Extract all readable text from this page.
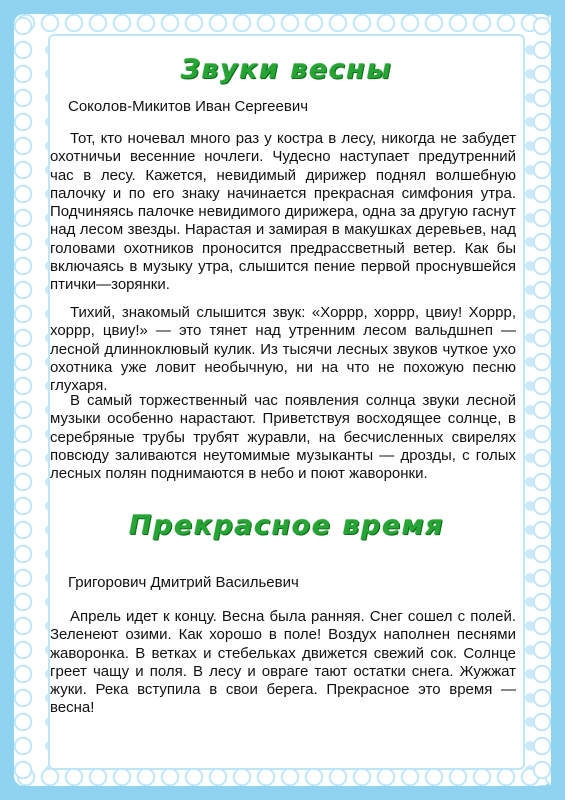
Звуки весны
Соколов-Микитов Иван Сергеевич

Тот, кто ночевал много раз у костра в лесу, никогда не забудет охотничьи весенние ночлеги. Чудесно наступает предутренний час в лесу. Кажется, невидимый дирижер поднял волшебную палочку и по его знаку начинается прекрасная симфония утра. Подчиняясь палочке невидимого дирижера, одна за другую гаснут над лесом звезды. Нарастая и замирая в макушках деревьев, над головами охотников проносится предрассветный ветер. Как бы включаясь в музыку утра, слышится пение первой проснувшейся птички—зорянки.

Тихий, знакомый слышится звук: «Хоррр, хоррр, цвиу! Хоррр, хоррр, цвиу!» — это тянет над утренним лесом вальдшнеп — лесной длинноклювый кулик. Из тысячи лесных звуков чуткое ухо охотника уже ловит необычную, ни на что не похожую песню глухаря.

В самый торжественный час появления солнца звуки лесной музыки особенно нарастают. Приветствуя восходящее солнце, в серебряные трубы трубят журавли, на бесчисленных свирелях повсюду заливаются неутомимые музыканты — дрозды, с голых лесных полян поднимаются в небо и поют жаворонки.

Прекрасное время
Григорович Дмитрий Васильевич

Апрель идет к концу. Весна была ранняя. Снег сошел с полей. Зеленеют озими. Как хорошо в поле! Воздух наполнен песнями жаворонка. В ветках и стебельках движется свежий сок. Солнце греет чащу и поля. В лесу и овраге тают остатки снега. Жужжат жуки. Река вступила в свои берега. Прекрасное это время — весна!
